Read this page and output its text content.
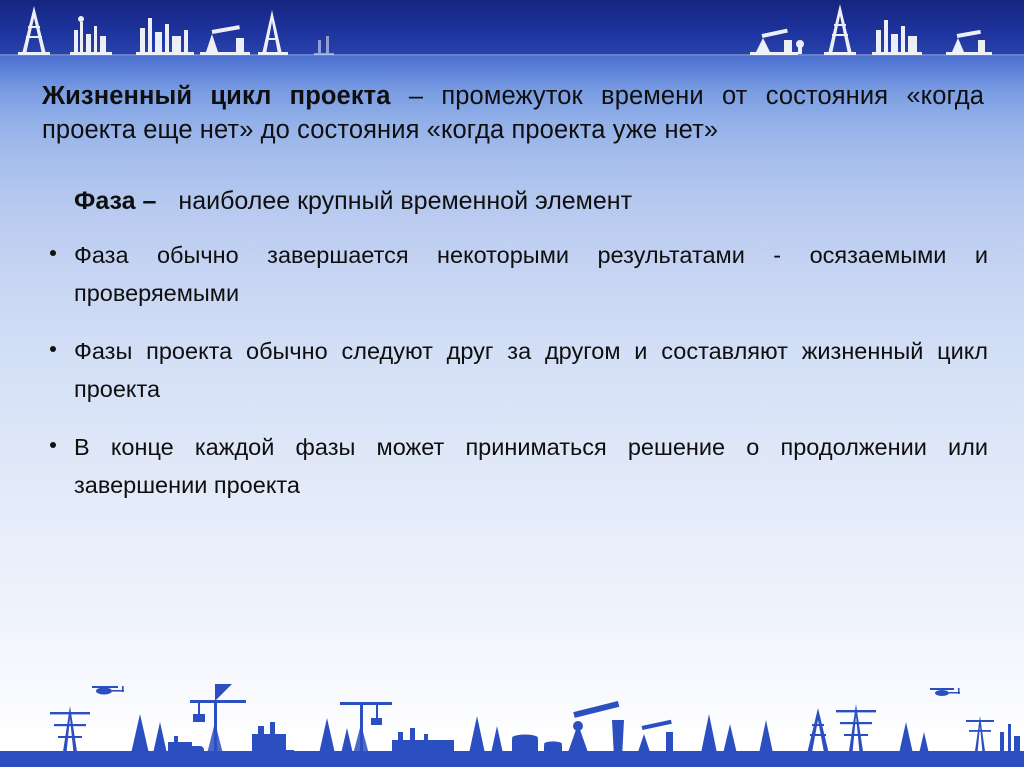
Жизненный цикл проекта – промежуток времени от состояния «когда проекта еще нет» до состояния «когда проекта уже нет»

Фаза – наиболее крупный временной элемент

Фаза обычно завершается некоторыми результатами - осязаемыми и проверяемыми
Фазы проекта обычно следуют друг за другом и составляют жизненный цикл проекта
В конце каждой фазы может приниматься решение о продолжении или завершении проекта
